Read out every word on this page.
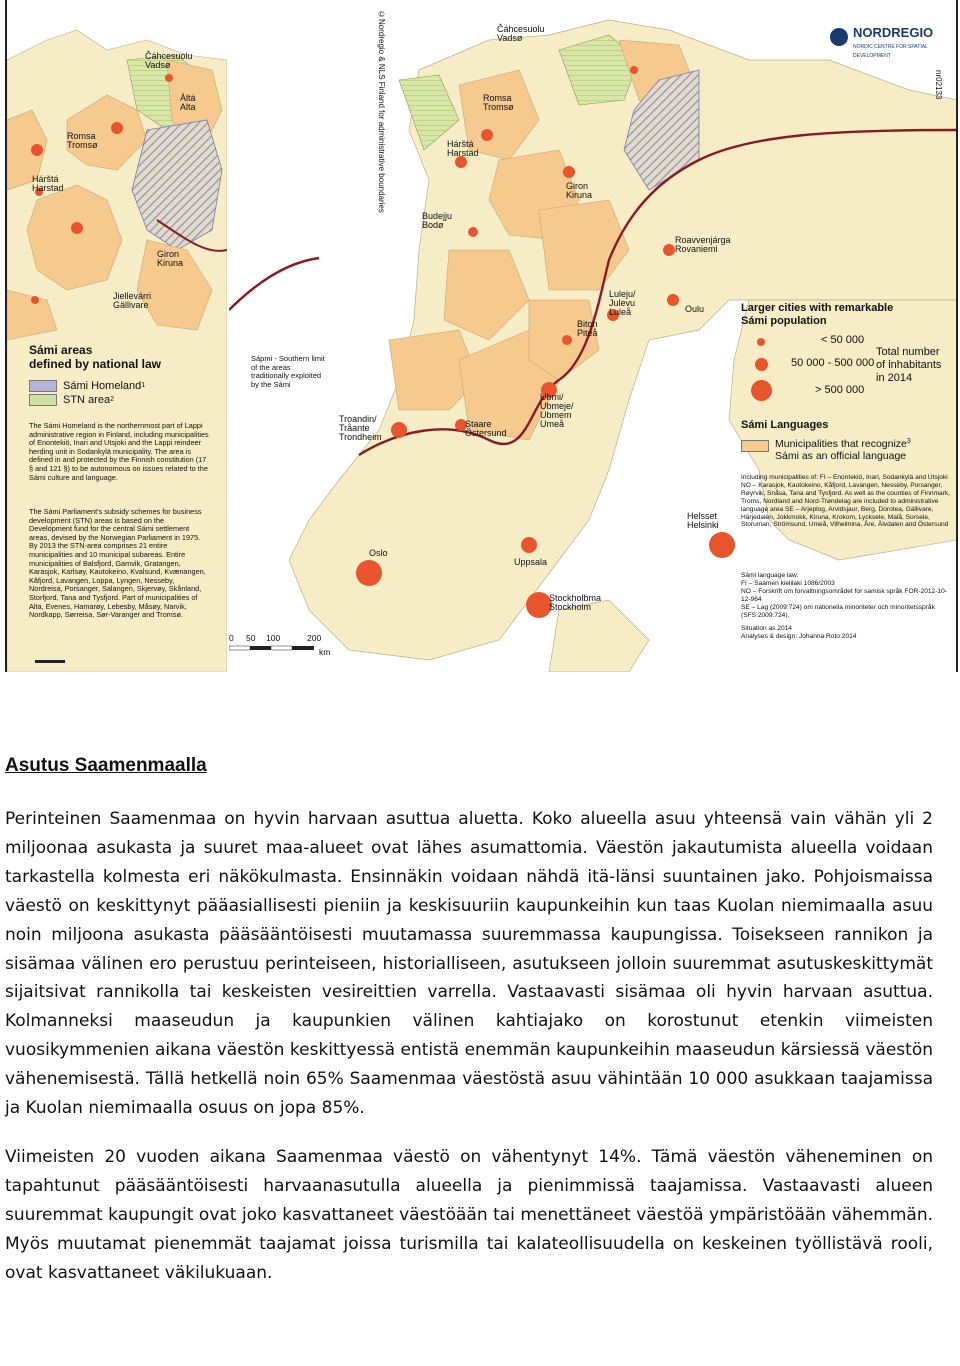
Čáhcesuolu
Vadsø
Áltá
Alta
Romsa
Tromsø
Hárštá
Harstad
Giron
Kiruna
Jiellevárri
Gällivare
Sámi areas
defined by national law
Sámi Homeland 1
STN area 2
The Sámi Homeland is the northernmost part of Lappi administrative region in Finland, including municipalities of Enontekiö, Inari and Utsjoki and the Lappi reindeer herding unit in Sodankylä municipality. The area is defined in and protected by the Finnish constitution (17 § and 121 §) to be autonomous on issues related to the Sámi culture and language.
The Sámi Parliament's subsidy schemes for business development (STN) areas is based on the Development fund for the central Sámi settlement areas, devised by the Norwegian Parliament in 1975. By 2013 the STN-area comprises 21 entire municipalities and 10 municipal subareas. Entire municipalities of Balsfjord, Gamvik, Gratangen, Karasjok, Karlsøy, Kautokeino, Kvalsund, Kvænangen, Kåfjord, Lavangen, Loppa, Lyngen, Nesseby, Nordreisa, Porsanger, Salangen, Skjervøy, Skånland, Storfjord, Tana and Tysfjord. Part of municipalities of Alta, Evenes, Hamarøy, Lebesby, Måsøy, Narvik, Nordkapp, Sørreisa, Sør-Varanger and Tromsø.
©Nordregio & NLS Finland for administrative boundaries	nr02133
NORDREGIO
NORDIC CENTRE FOR SPATIAL DEVELOPMENT
Čáhcesuolu
Vadsø
Romsa
Tromsø
Hárštá
Harstad
Giron
Kiruna
Budejju
Bodø
Roavvenjárga
Rovaniemi
Luleju/
Julevu
Luleå	Oulu
Biton
Piteå
Ubmi/
Ubmeje/
Ubmem
Umeå
Troandin/
Tråante
Trondheim
Staare
Östersund
Helsset
Helsinki
Uppsala
Oslo
Stockholbma
Stockholm
Sápmi - Southern limit
of the areas
traditionally exploited
by the Sámi
0 50 100	200
km
Larger cities with remarkable
Sámi population
< 50 000
50 000 - 500 000
> 500 000
Total number
of inhabitants
in 2014
Sámi Languages
Municipalities that recognize
Sámi as an official language
$^3$
Including municipalities of: FI – Enontekiö, Inari, Sodankylä and Utsjoki NO – Karasjok, Kautokeino, Kåfjord, Lavangen, Nesseby, Porsanger, Røyrvik, Snåsa, Tana and Tysfjord. As well as the counties of Finnmark, Troms, Nordland and Nord-Trøndelag are included to administrative language area SE – Arjeplog, Arvidsjaur, Berg, Dorotea, Gällivare, Härjedalen, Jokkmokk, Kiruna, Krokom, Lycksele, Malå, Sorsele, Storuman, Strömsund, Umeå, Vilhelmina, Åre, Älvdalen and Östersund
Sámi language law:
FI – Saamen kielilaki 1086/2003
NO – Forskrift om forvaltningsområdet for samisk språk FOR-2012-10-12-964
SE – Lag (2009:724) om nationella minoriteter och minoritetsspråk (SFS 2009:724).
Situation as 2014
Analyses & design: Johanna Roto 2014
Asutus Saamenmaalla

Perinteinen Saamenmaa on hyvin harvaan asuttua aluetta. Koko alueella asuu yhteensä vain vähän yli 2 miljoonaa asukasta ja suuret maa-alueet ovat lähes asumattomia. Väestön jakautumista alueella voidaan tarkastella kolmesta eri näkökulmasta. Ensinnäkin voidaan nähdä itä-länsi suuntainen jako. Pohjoismaissa väestö on keskittynyt pääasiallisesti pieniin ja keskisuuriin kaupunkeihin kun taas Kuolan niemimaalla asuu noin miljoona asukasta pääsääntöisesti muutamassa suuremmassa kaupungissa. Toisekseen rannikon ja sisämaa välinen ero perustuu perinteiseen, historialliseen, asutukseen jolloin suuremmat asutuskeskittymät sijaitsivat rannikolla tai keskeisten vesireittien varrella. Vastaavasti sisämaa oli hyvin harvaan asuttua. Kolmanneksi maaseudun ja kaupunkien välinen kahtiajako on korostunut etenkin viimeisten vuosikymmenien aikana väestön keskittyessä entistä enemmän kaupunkeihin maaseudun kärsiessä väestön vähenemisestä. Tällä hetkellä noin 65% Saamenmaa väestöstä asuu vähintään 10 000 asukkaan taajamissa ja Kuolan niemimaalla osuus on jopa 85%.

Viimeisten 20 vuoden aikana Saamenmaa väestö on vähentynyt 14%. Tämä väestön väheneminen on tapahtunut pääsääntöisesti harvaanasutulla alueella ja pienimmissä taajamissa. Vastaavasti alueen suuremmat kaupungit ovat joko kasvattaneet väestöään tai menettäneet väestöä ympäristöään vähemmän. Myös muutamat pienemmät taajamat joissa turismilla tai kalateollisuudella on keskeinen työllistävä rooli, ovat kasvattaneet väkilukuaan.
